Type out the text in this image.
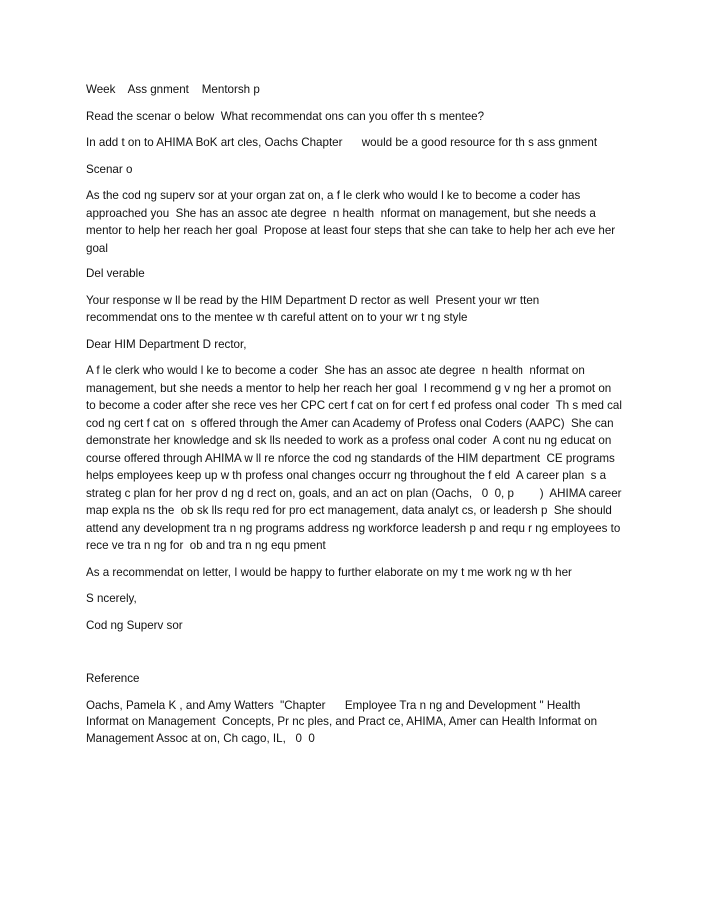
Week    Ass gnment    Mentorsh p

Read the scenar o below  What recommendat ons can you offer th s mentee?

In add t on to AHIMA BoK art cles, Oachs Chapter      would be a good resource for th s ass gnment

Scenar o

As the cod ng superv sor at your organ zat on, a f le clerk who would l ke to become a coder has

approached you  She has an assoc ate degree  n health  nformat on management, but she needs a

mentor to help her reach her goal  Propose at least four steps that she can take to help her ach eve her

goal

Del verable

Your response w ll be read by the HIM Department D rector as well  Present your wr tten

recommendat ons to the mentee w th careful attent on to your wr t ng style

Dear HIM Department D rector,

A f le clerk who would l ke to become a coder  She has an assoc ate degree  n health  nformat on

management, but she needs a mentor to help her reach her goal  I recommend g v ng her a promot on

to become a coder after she rece ves her CPC cert f cat on for cert f ed profess onal coder  Th s med cal

cod ng cert f cat on  s offered through the Amer can Academy of Profess onal Coders (AAPC)  She can

demonstrate her knowledge and sk lls needed to work as a profess onal coder  A cont nu ng educat on

course offered through AHIMA w ll re nforce the cod ng standards of the HIM department  CE programs

helps employees keep up w th profess onal changes occurr ng throughout the f eld  A career plan  s a

strateg c plan for her prov d ng d rect on, goals, and an act on plan (Oachs,   0  0, p        )  AHIMA career

map expla ns the  ob sk lls requ red for pro ect management, data analyt cs, or leadersh p  She should

attend any development tra n ng programs address ng workforce leadersh p and requ r ng employees to

rece ve tra n ng for  ob and tra n ng equ pment

As a recommendat on letter, I would be happy to further elaborate on my t me work ng w th her

S ncerely,

Cod ng Superv sor

Reference

Oachs, Pamela K , and Amy Watters  "Chapter      Employee Tra n ng and Development " Health

Informat on Management  Concepts, Pr nc ples, and Pract ce, AHIMA, Amer can Health Informat on

Management Assoc at on, Ch cago, IL,   0  0
